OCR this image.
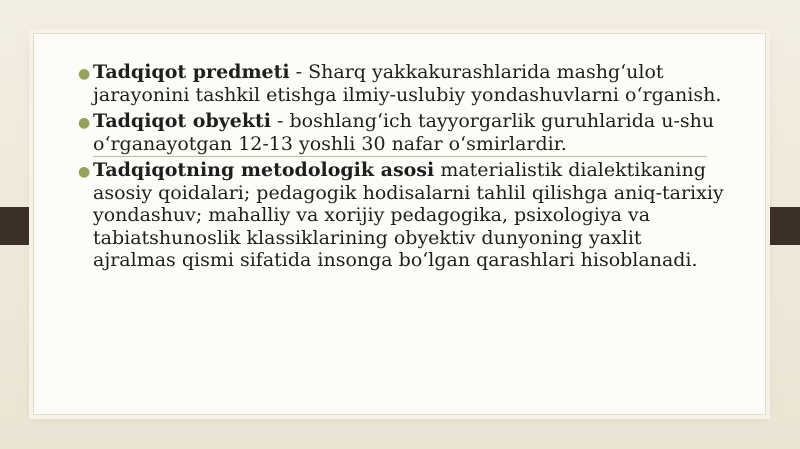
● Tadqiqot predmeti - Sharq yakkakurashlarida mashg‘ulot jarayonini tashkil etishga ilmiy-uslubiy yondashuvlarni o‘rganish.
● Tadqiqot obyekti - boshlang‘ich tayyorgarlik guruhlarida u-shu o‘rganayotgan 12-13 yoshli 30 nafar o‘smirlardir.
● Tadqiqotning metodologik asosi materialistik dialektikaning asosiy qoidalari; pedagogik hodisalarni tahlil qilishga aniq-tarixiy yondashuv; mahalliy va xorijiy pedagogika, psixologiya va tabiatshunoslik klassiklarining obyektiv dunyoning yaxlit ajralmas qismi sifatida insonga bo‘lgan qarashlari hisoblanadi.
